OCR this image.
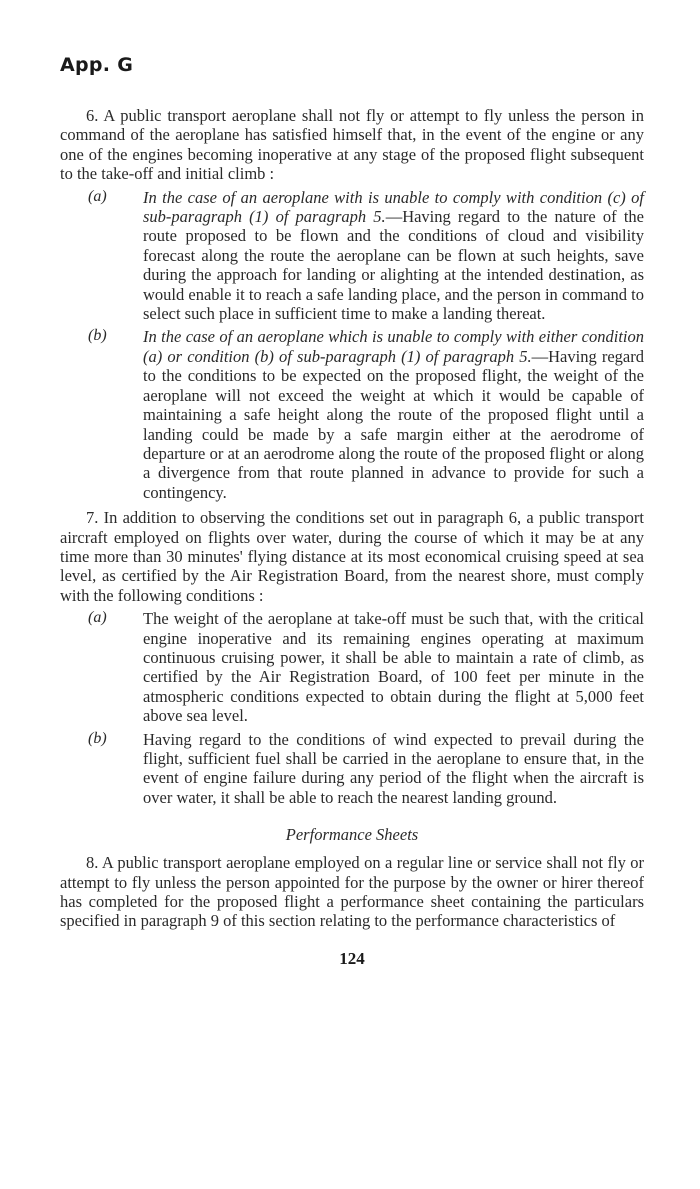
App. G

6. A public transport aeroplane shall not fly or attempt to fly unless the person in command of the aeroplane has satisfied himself that, in the event of the engine or any one of the engines becoming inoperative at any stage of the proposed flight subsequent to the take-off and initial climb :

(a) In the case of an aeroplane with is unable to comply with condition (c) of sub-paragraph (1) of paragraph 5.—Having regard to the nature of the route proposed to be flown and the conditions of cloud and visibility forecast along the route the aeroplane can be flown at such heights, save during the approach for landing or alighting at the intended destination, as would enable it to reach a safe landing place, and the person in command to select such place in sufficient time to make a landing thereat.

(b) In the case of an aeroplane which is unable to comply with either condition (a) or condition (b) of sub-paragraph (1) of paragraph 5.—Having regard to the conditions to be expected on the proposed flight, the weight of the aeroplane will not exceed the weight at which it would be capable of maintaining a safe height along the route of the proposed flight until a landing could be made by a safe margin either at the aerodrome of departure or at an aerodrome along the route of the proposed flight or along a divergence from that route planned in advance to provide for such a contingency.

7. In addition to observing the conditions set out in paragraph 6, a public transport aircraft employed on flights over water, during the course of which it may be at any time more than 30 minutes' flying distance at its most economical cruising speed at sea level, as certified by the Air Registration Board, from the nearest shore, must comply with the following conditions :

(a) The weight of the aeroplane at take-off must be such that, with the critical engine inoperative and its remaining engines operating at maximum continuous cruising power, it shall be able to maintain a rate of climb, as certified by the Air Registration Board, of 100 feet per minute in the atmospheric conditions expected to obtain during the flight at 5,000 feet above sea level.

(b) Having regard to the conditions of wind expected to prevail during the flight, sufficient fuel shall be carried in the aeroplane to ensure that, in the event of engine failure during any period of the flight when the aircraft is over water, it shall be able to reach the nearest landing ground.

Performance Sheets

8. A public transport aeroplane employed on a regular line or service shall not fly or attempt to fly unless the person appointed for the purpose by the owner or hirer thereof has completed for the proposed flight a performance sheet containing the particulars specified in paragraph 9 of this section relating to the performance characteristics of

124
